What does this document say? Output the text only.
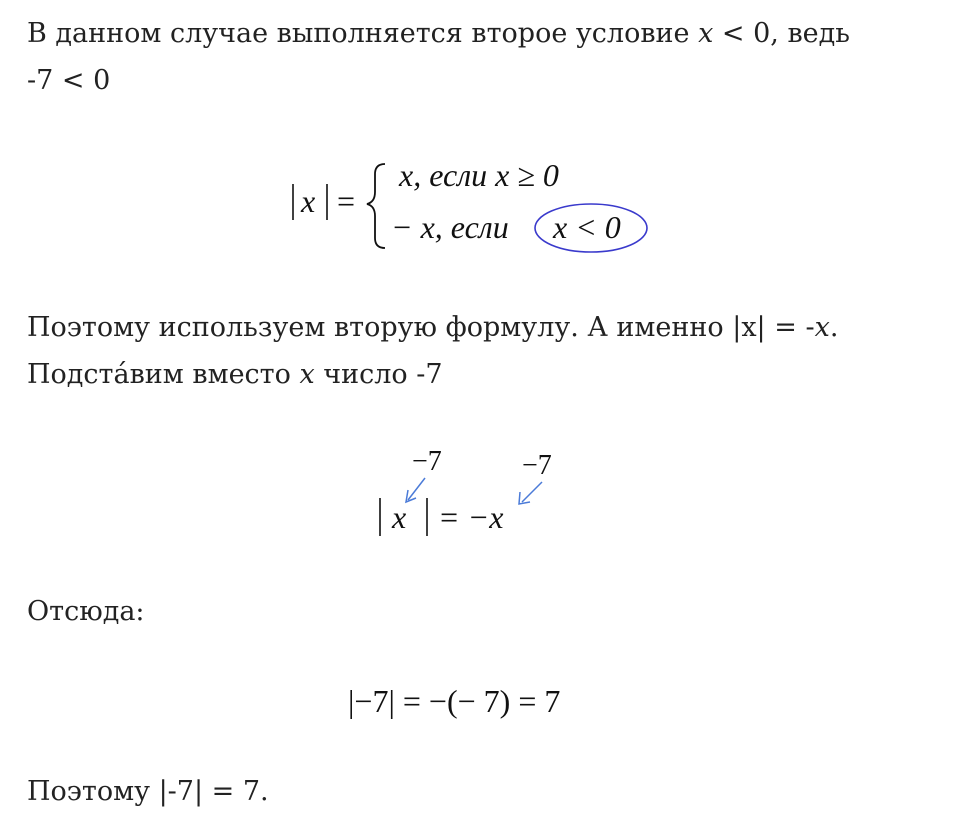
В данном случае выполняется второе условие x < 0, ведь
-7 < 0

x =
x, если x ≥ 0
− x, если x < 0

Поэтому используем вторую формулу. А именно |x| = -x.
Подста́вим вместо x число -7

−7	−7
x = −x

Отсюда:

|−7| = −(− 7) = 7

Поэтому |-7| = 7.
